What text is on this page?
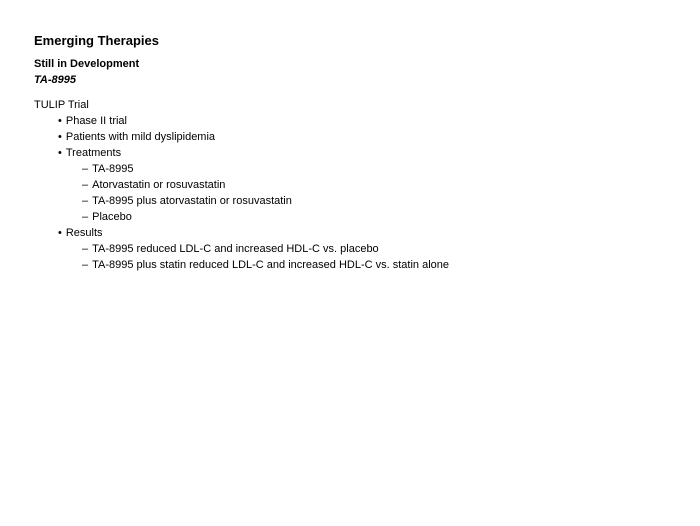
Emerging Therapies
Still in Development
TA-8995
TULIP Trial
• Phase II trial
• Patients with mild dyslipidemia
• Treatments
– TA-8995
– Atorvastatin or rosuvastatin
– TA-8995 plus atorvastatin or rosuvastatin
– Placebo
• Results
– TA-8995 reduced LDL-C and increased HDL-C vs. placebo
– TA-8995 plus statin reduced LDL-C and increased HDL-C vs. statin alone
